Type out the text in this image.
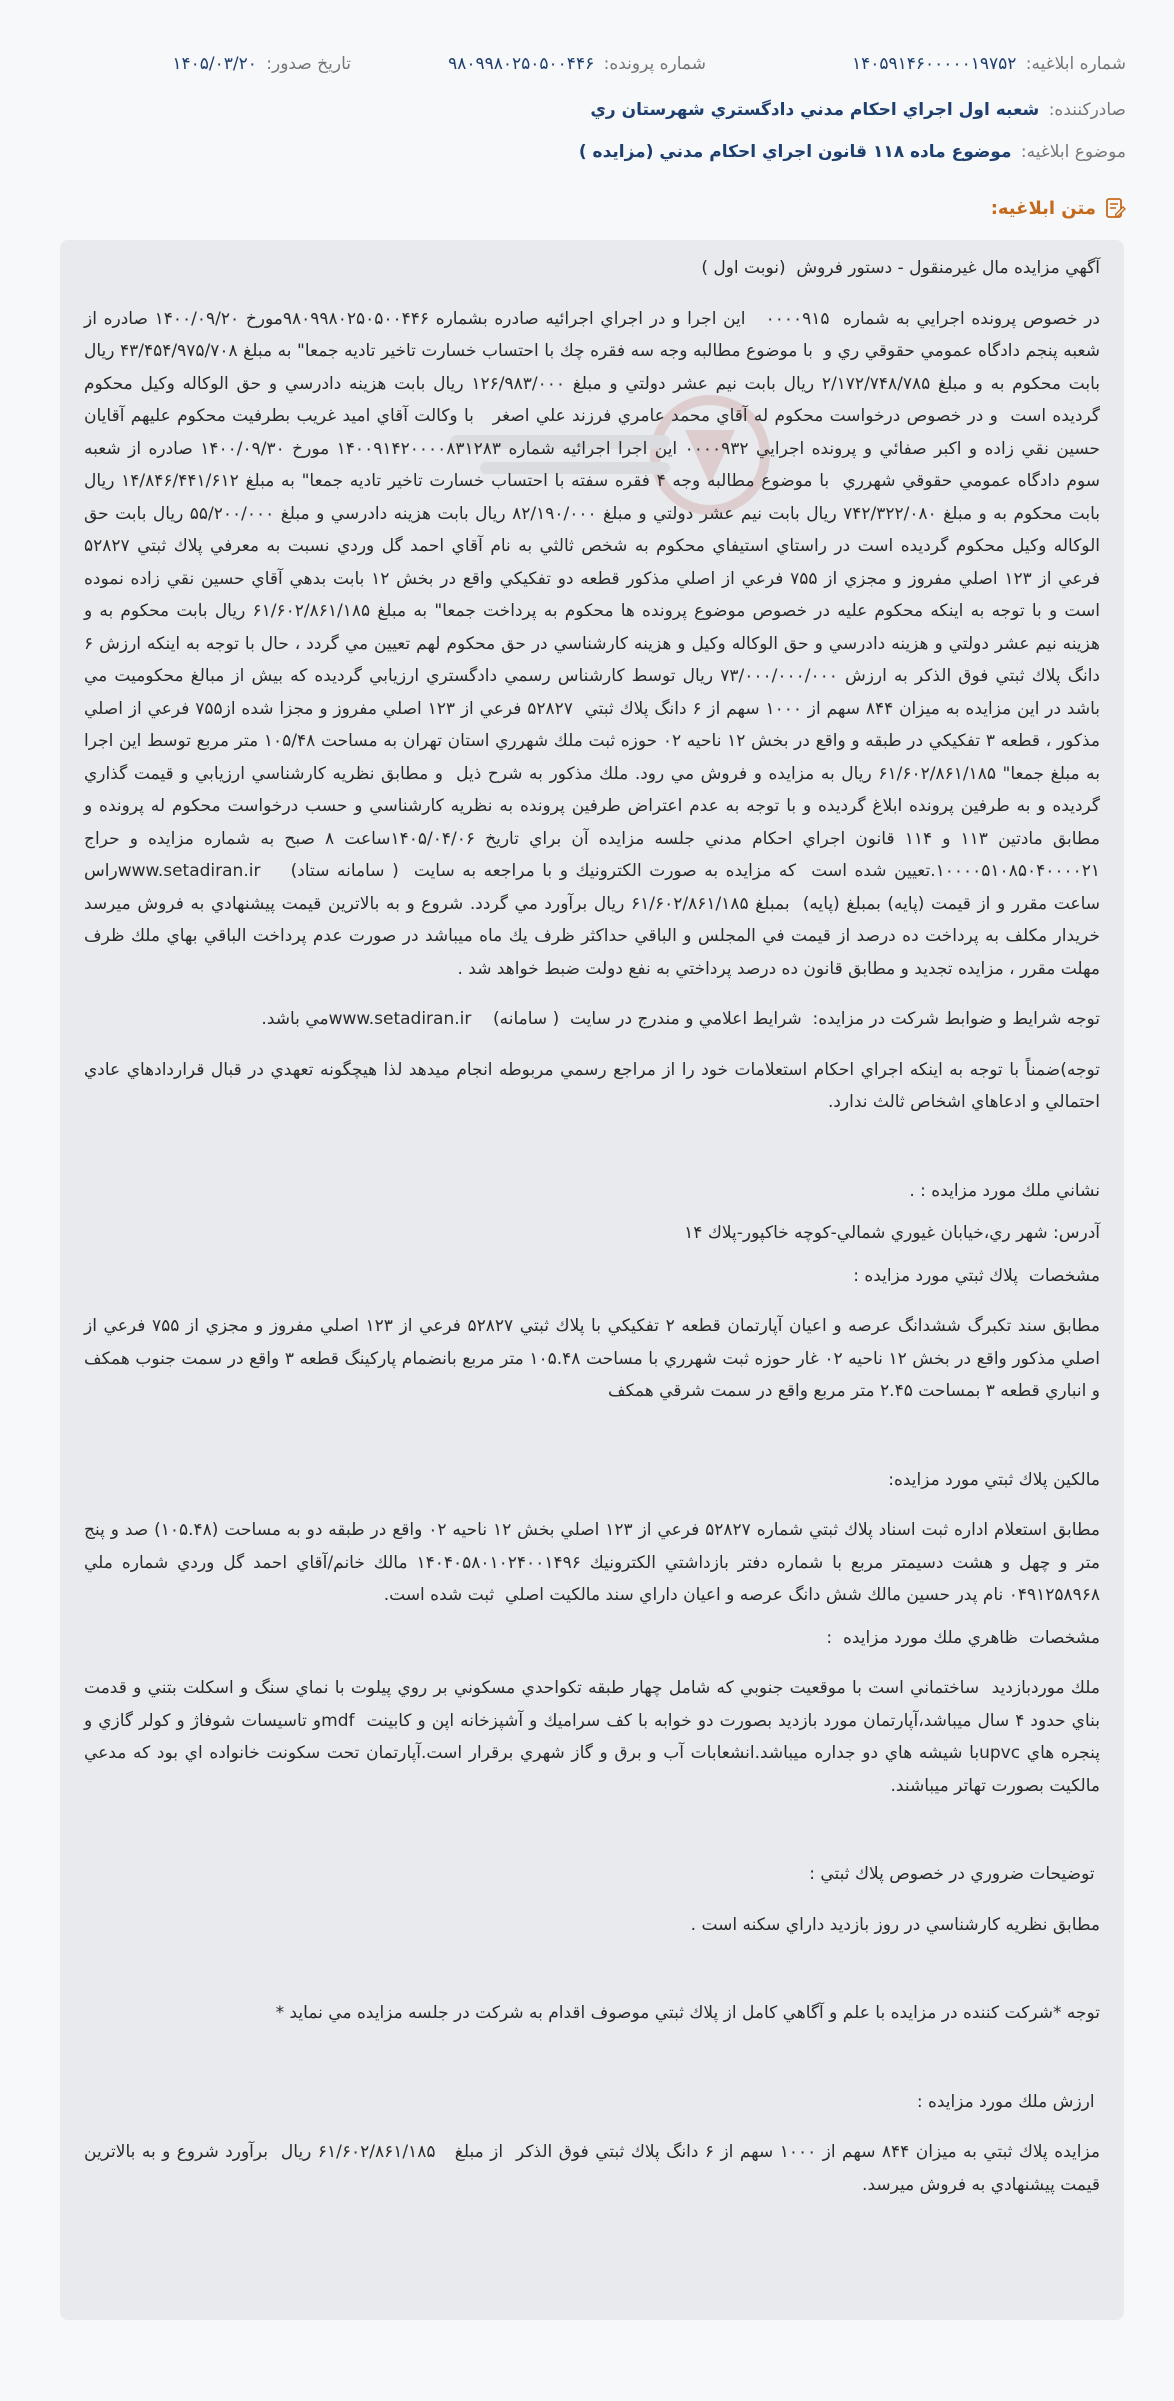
شماره ابلاغيه: ۱۴۰۵۹۱۴۶۰۰۰۰۰۱۹۷۵۲
شماره پرونده: ۹۸۰۹۹۸۰۲۵۰۵۰۰۴۴۶
تاريخ صدور: ۱۴۰۵/۰۳/۲۰
صادركننده: شعبه اول اجراي احكام مدني دادگستري شهرستان ري
موضوع ابلاغيه: موضوع ماده ۱۱۸ قانون اجراي احكام مدني (مزايده )
متن ابلاغيه:

آگهي مزايده مال غيرمنقول - دستور فروش  (نوبت اول )

در خصوص پرونده اجرايي به شماره  ۰۰۰۰۹۱۵   اين اجرا و در اجراي اجرائيه صادره بشماره ۹۸۰۹۹۸۰۲۵۰۵۰۰۴۴۶مورخ ۱۴۰۰/۰۹/۲۰ صادره از شعبه پنجم دادگاه عمومي حقوقي ري و  با موضوع مطالبه وجه سه فقره چك با احتساب خسارت تاخير تاديه جمعا" به مبلغ ۴۳/۴۵۴/۹۷۵/۷۰۸ ريال بابت محكوم به و مبلغ ۲/۱۷۲/۷۴۸/۷۸۵ ريال بابت نيم عشر دولتي و مبلغ ۱۲۶/۹۸۳/۰۰۰ ريال بابت هزينه دادرسي و حق الوكاله وكيل محكوم گرديده است  و در خصوص درخواست محكوم له آقاي محمد عامري فرزند علي اصغر   با وكالت آقاي اميد غريب بطرفيت محكوم عليهم آقايان حسين نقي زاده و اكبر صفائي و پرونده اجرايي ۰۰۰۰۹۳۲ اين اجرا اجرائيه شماره ۱۴۰۰۹۱۴۲۰۰۰۰۸۳۱۲۸۳ مورخ ۱۴۰۰/۰۹/۳۰ صادره از شعبه سوم دادگاه عمومي حقوقي شهرري  با موضوع مطالبه وجه ۴ فقره سفته با احتساب خسارت تاخير تاديه جمعا" به مبلغ ۱۴/۸۴۶/۴۴۱/۶۱۲ ريال بابت محكوم به و مبلغ ۷۴۲/۳۲۲/۰۸۰ ريال بابت نيم عشر دولتي و مبلغ ۸۲/۱۹۰/۰۰۰ ريال بابت هزينه دادرسي و مبلغ ۵۵/۲۰۰/۰۰۰ ريال بابت حق الوكاله وكيل محكوم گرديده است در راستاي استيفاي محكوم به شخص ثالثي به نام آقاي احمد گل وردي نسبت به معرفي پلاك ثبتي ۵۲۸۲۷ فرعي از ۱۲۳ اصلي مفروز و مجزي از ۷۵۵ فرعي از اصلي مذكور قطعه دو تفكيكي واقع در بخش ۱۲ بابت بدهي آقاي حسين نقي زاده نموده است و با توجه به اينكه محكوم عليه در خصوص موضوع پرونده ها محكوم به پرداخت جمعا" به مبلغ ۶۱/۶۰۲/۸۶۱/۱۸۵ ريال بابت محكوم به و هزينه نيم عشر دولتي و هزينه دادرسي و حق الوكاله وكيل و هزينه كارشناسي در حق محكوم لهم تعيين مي گردد ، حال با توجه به اينكه ارزش ۶ دانگ پلاك ثبتي فوق الذكر به ارزش ۷۳/۰۰۰/۰۰۰/۰۰۰ ريال توسط كارشناس رسمي دادگستري ارزيابي گرديده كه بيش از مبالغ محكوميت مي باشد در اين مزايده به ميزان ۸۴۴ سهم از ۱۰۰۰ سهم از ۶ دانگ پلاك ثبتي  ۵۲۸۲۷ فرعي از ۱۲۳ اصلي مفروز و مجزا شده از۷۵۵ فرعي از اصلي مذكور ، قطعه ۳ تفكيكي در طبقه و واقع در بخش ۱۲ ناحيه ۰۲ حوزه ثبت ملك شهرري استان تهران به مساحت ۱۰۵/۴۸ متر مربع توسط اين اجرا به مبلغ جمعا" ۶۱/۶۰۲/۸۶۱/۱۸۵ ريال به مزايده و فروش مي رود. ملك مذكور به شرح ذيل  و مطابق نظريه كارشناسي ارزيابي و قيمت گذاري گرديده و به طرفين پرونده ابلاغ گرديده و با توجه به عدم اعتراض طرفين پرونده به نظريه كارشناسي و حسب درخواست محكوم له پرونده و مطابق مادتين ۱۱۳ و ۱۱۴ قانون اجراي احكام مدني جلسه مزايده آن براي تاريخ ۱۴۰۵/۰۴/۰۶ساعت ۸ صبح به شماره مزايده و حراج ۱۰۰۰۰۵۱۰۸۵۰۴۰۰۰۰۲۱.تعيين شده است  كه مزايده به صورت الكترونيك و با مراجعه به سايت  ( سامانه ستاد)    www.setadiran.irراس ساعت مقرر و از قيمت (پايه) بمبلغ (پايه)  بمبلغ ۶۱/۶۰۲/۸۶۱/۱۸۵ ريال برآورد مي گردد. شروع و به بالاترين قيمت پيشنهادي به فروش ميرسد خريدار مكلف به پرداخت ده درصد از قيمت في المجلس و الباقي حداكثر ظرف يك ماه ميباشد در صورت عدم پرداخت الباقي بهاي ملك ظرف مهلت مقرر ، مزايده تجديد و مطابق قانون ده درصد پرداختي به نفع دولت ضبط خواهد شد .

توجه شرايط و ضوابط شركت در مزايده:  شرايط اعلامي و مندرج در سايت  ( سامانه)    www.setadiran.irمي باشد.

توجه)ضمناً با توجه به اينكه اجراي احكام استعلامات خود را از مراجع رسمي مربوطه انجام ميدهد لذا هيچگونه تعهدي در قبال قراردادهاي عادي احتمالي و ادعاهاي اشخاص ثالث ندارد.

نشاني ملك مورد مزايده : .

آدرس: شهر ري،خيابان غيوري شمالي-كوچه خاكپور-پلاك ۱۴

مشخصات  پلاك ثبتي مورد مزايده :

مطابق سند تكبرگ ششدانگ عرصه و اعيان آپارتمان قطعه ۲ تفكيكي با پلاك ثبتي ۵۲۸۲۷ فرعي از ۱۲۳ اصلي مفروز و مجزي از ۷۵۵ فرعي از اصلي مذكور واقع در بخش ۱۲ ناحيه ۰۲ غار حوزه ثبت شهرري با مساحت ۱۰۵.۴۸ متر مربع بانضمام پاركينگ قطعه ۳ واقع در سمت جنوب همكف و انباري قطعه ۳ بمساحت ۲.۴۵ متر مربع واقع در سمت شرقي همكف

مالكين پلاك ثبتي مورد مزايده:

مطابق استعلام اداره ثبت اسناد پلاك ثبتي شماره ۵۲۸۲۷ فرعي از ۱۲۳ اصلي بخش ۱۲ ناحيه ۰۲ واقع در طبقه دو به مساحت (۱۰۵.۴۸) صد و پنج متر و چهل و هشت دسيمتر مربع با شماره دفتر بازداشتي الكترونيك ۱۴۰۴۰۵۸۰۱۰۲۴۰۰۱۴۹۶ مالك خانم/آقاي احمد گل وردي شماره ملي ۰۴۹۱۲۵۸۹۶۸ نام پدر حسين مالك شش دانگ عرصه و اعيان داراي سند مالكيت اصلي  ثبت شده است.

مشخصات  ظاهري ملك مورد مزايده  :

ملك موردبازديد  ساختماني است با موقعيت جنوبي كه شامل چهار طبقه تكواحدي مسكوني بر روي پيلوت با نماي سنگ و اسكلت بتني و قدمت بناي حدود ۴ سال ميباشد،آپارتمان مورد بازديد بصورت دو خوابه با كف سراميك و آشپزخانه اپن و كابينت  mdfو تاسيسات شوفاژ و كولر گازي و پنجره هاي upvcبا شيشه هاي دو جداره ميباشد.انشعابات آب و برق و گاز شهري برقرار است.آپارتمان تحت سكونت خانواده اي بود كه مدعي مالكيت بصورت تهاتر ميباشند.

توضيحات ضروري در خصوص پلاك ثبتي :

مطابق نظريه كارشناسي در روز بازديد داراي سكنه است .

توجه *شركت كننده در مزايده با علم و آگاهي كامل از پلاك ثبتي موصوف اقدام به شركت در جلسه مزايده مي نمايد *

ارزش ملك مورد مزايده :

مزايده پلاك ثبتي به ميزان ۸۴۴ سهم از ۱۰۰۰ سهم از ۶ دانگ پلاك ثبتي فوق الذكر  از مبلغ   ۶۱/۶۰۲/۸۶۱/۱۸۵ ريال  برآورد شروع و به بالاترين قيمت پيشنهادي به فروش ميرسد.
